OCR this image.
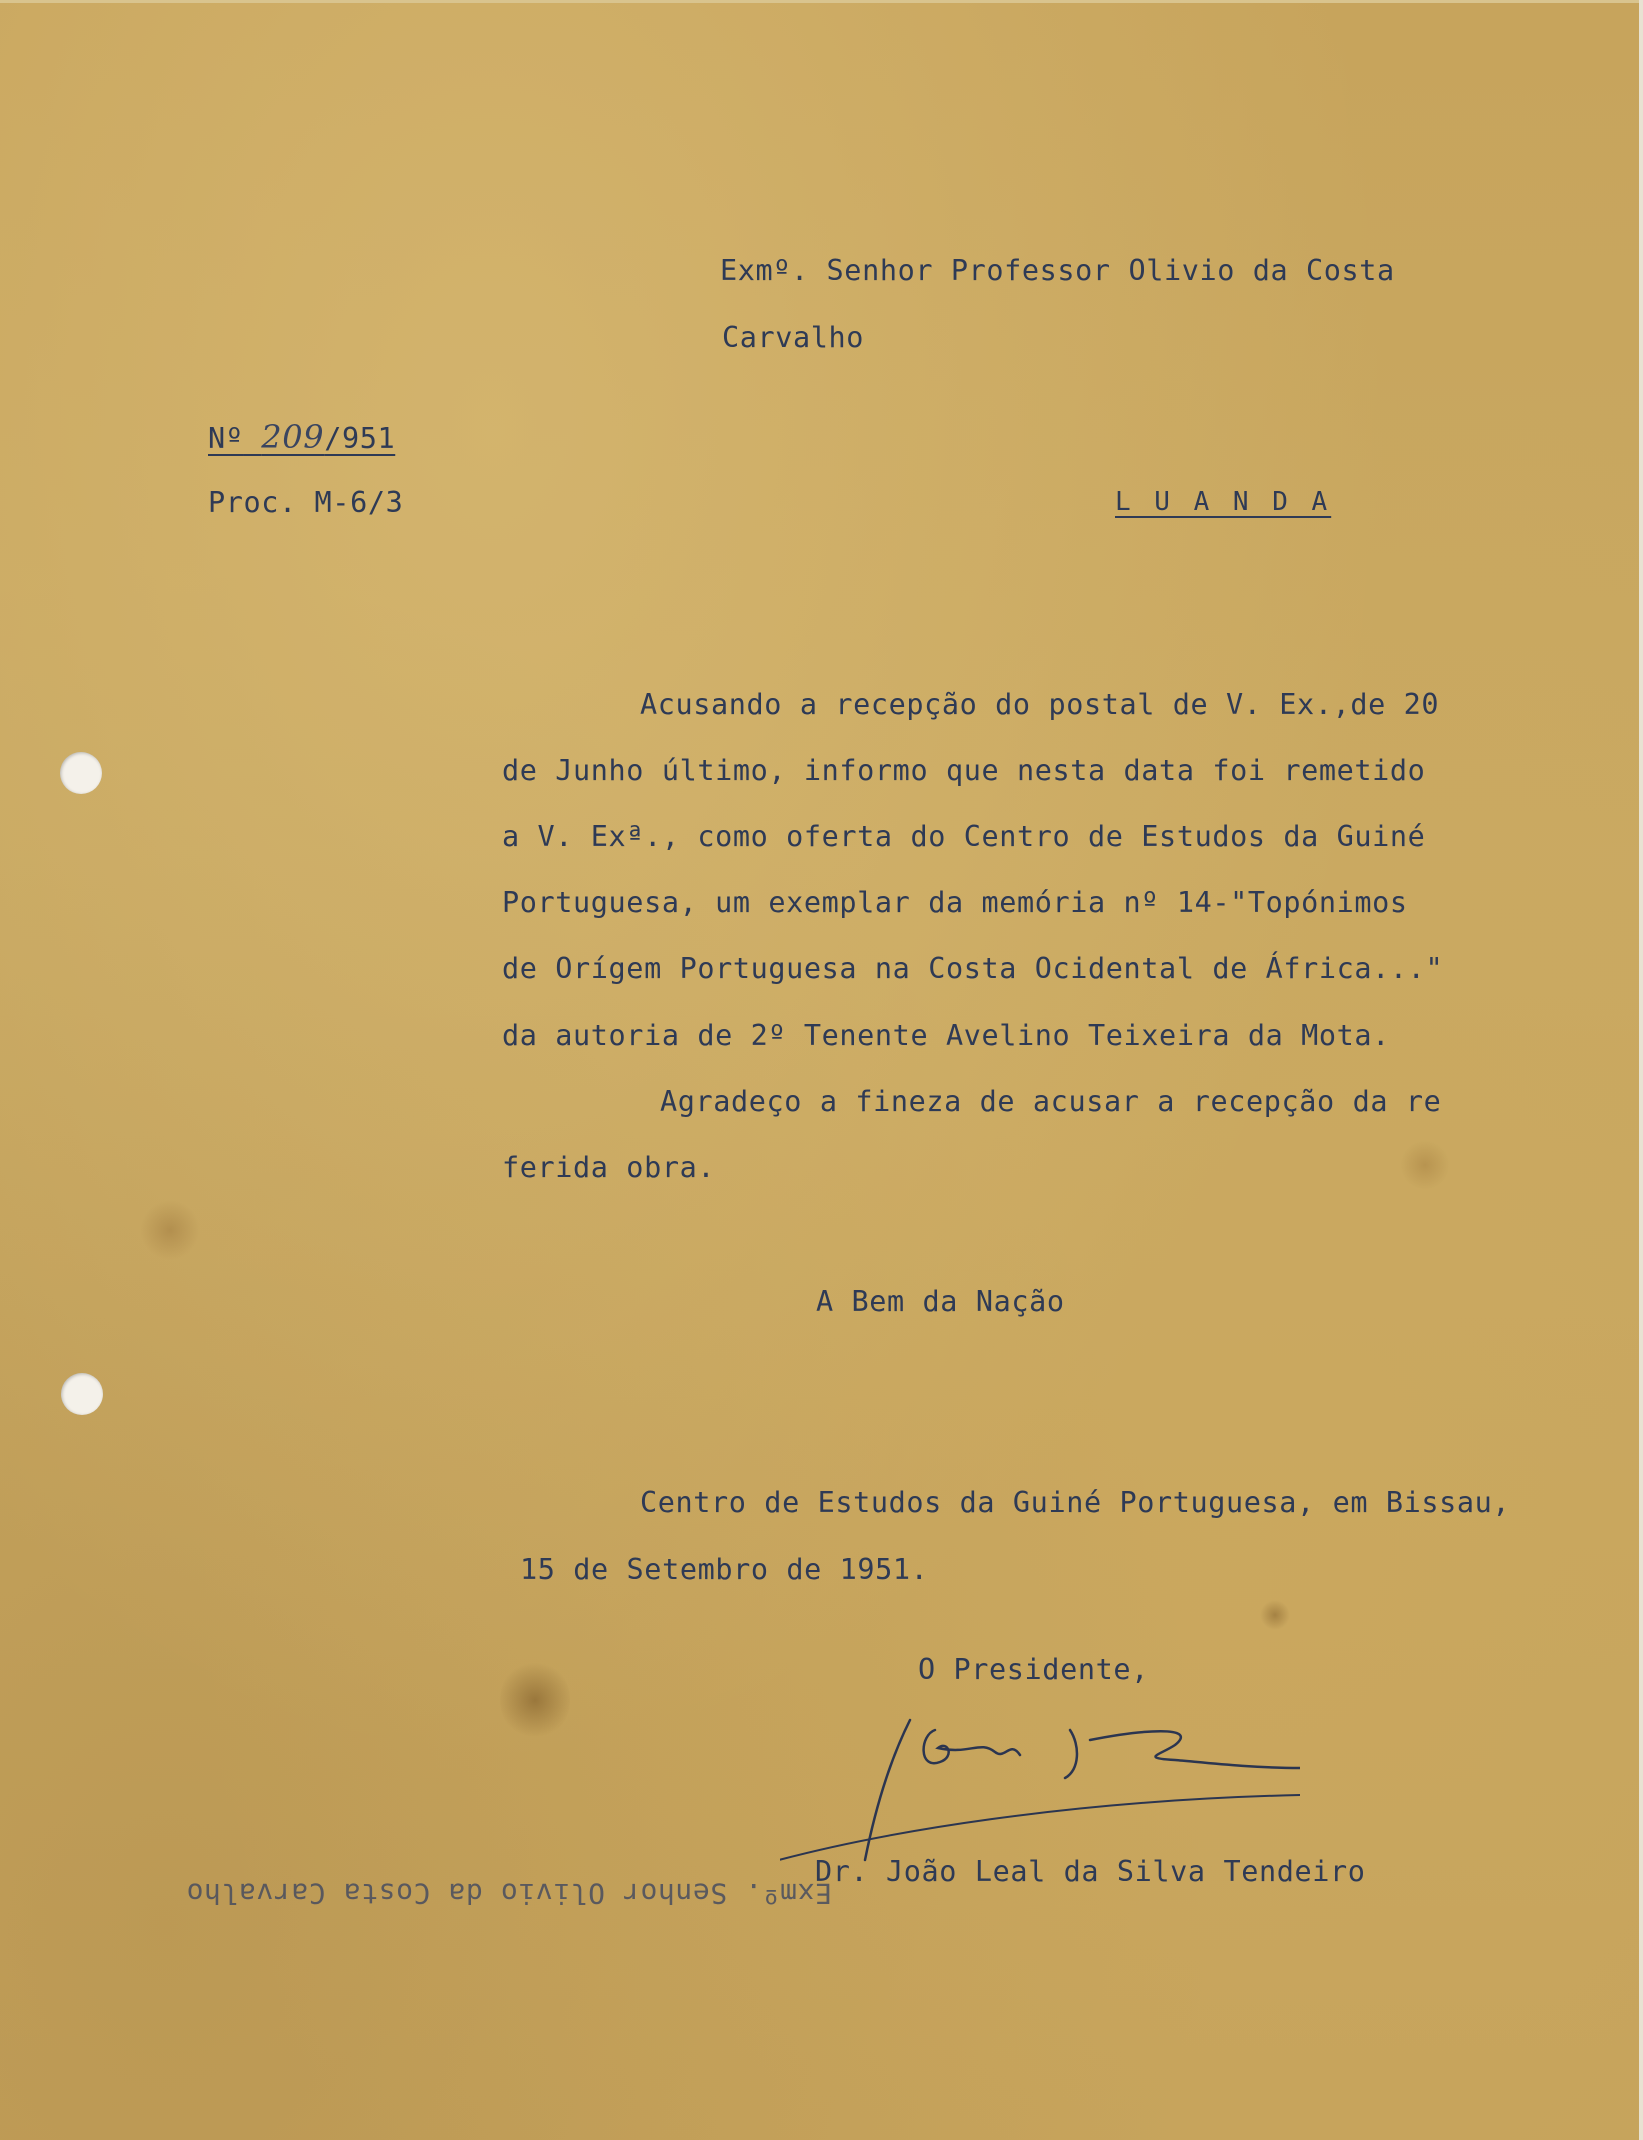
Exmº. Senhor Professor Olivio da Costa
Carvalho
Nº 209/951
Proc. M-6/3	L U A N D A
Acusando a recepção do postal de V. Ex.,de 20
de Junho último, informo que nesta data foi remetido
a V. Exª., como oferta do Centro de Estudos da Guiné
Portuguesa, um exemplar da memória nº 14-"Topónimos
de Orígem Portuguesa na Costa Ocidental de África..."
da autoria de 2º Tenente Avelino Teixeira da Mota.
Agradeço a fineza de acusar a recepção da re
ferida obra.
A Bem da Nação
Centro de Estudos da Guiné Portuguesa, em Bissau,
15 de Setembro de 1951.
O Presidente,
Dr. João Leal da Silva Tendeiro
Exmº. Senhor Olivio da Costa Carvalho
